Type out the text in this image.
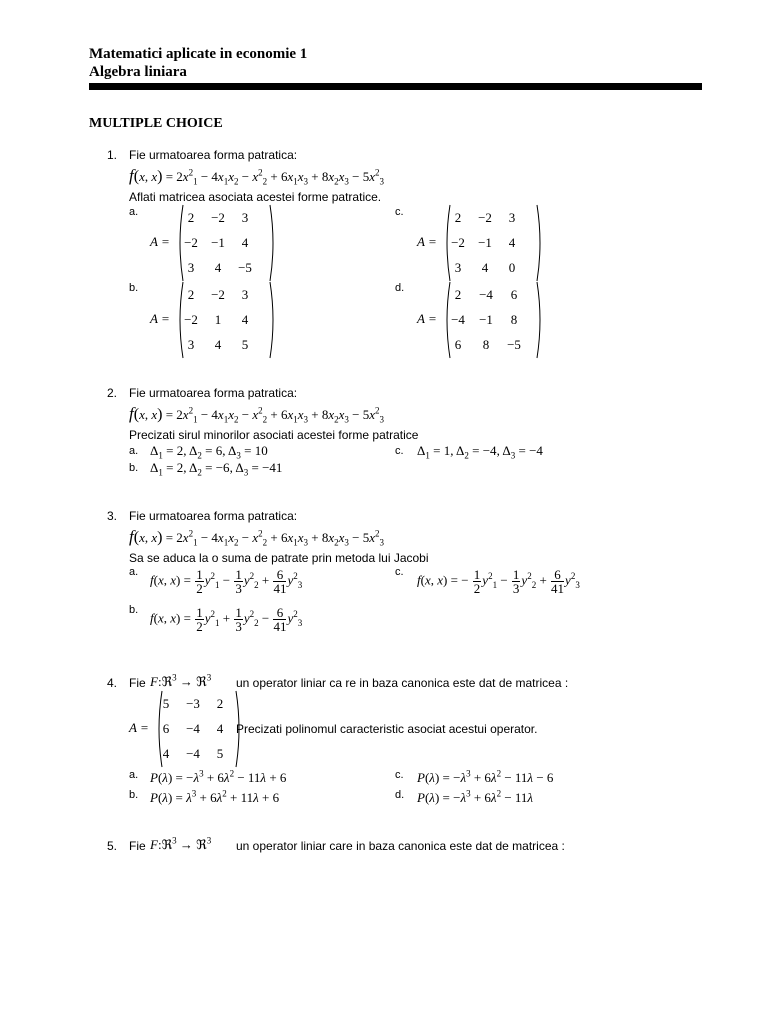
Matematici aplicate in economie 1
Algebra liniara
MULTIPLE CHOICE
1. Fie urmatoarea forma patratica:
f(x, $x) = 2x^2_1 - 4x_1x_2 - x^2_2 + 6x_1x_3 + 8x_2x_3 - 5x^2_3$
Aflati matricea asociata acestei forme patratice.
a.
A =
2	−2	3
−2	−1	4
3	4	−5
c.
A =
2	−2	3
−2	−1	4
3	4	0
b.
A =
2	−2	3
−2	1	4
3	4	5
d.
A =
2	−4	6
−4	−1	8
6	8	−5
2. Fie urmatoarea forma patratica:
f(x, $x) = 2x^2_1 - 4x_1x_2 - x^2_2 + 6x_1x_3 + 8x_2x_3 - 5x^2_3$
Precizati sirul minorilor asociati acestei forme patratice
a. $\Delta_1 = 2$, $\Delta_2 = 6$, $\Delta_3 = 10$	c. $\Delta_1 = 1$, $\Delta_2 = -4$, $\Delta_3 = -4$
b. $\Delta_1 = 2$, $\Delta_2 = -6$, $\Delta_3 = -41$
3. Fie urmatoarea forma patratica:
f(x, $x) = 2x^2_1 - 4x_1x_2 - x^2_2 + 6x_1x_3 + 8x_2x_3 - 5x^2_3$
Sa se aduca la o suma de patrate prin metoda lui Jacobi
a.
f(x, $x) = \frac{1}{2} y^2_1 - \frac{1}{3} y^2_2 + \frac{6}{41} y^2_3$
c.
f(x, x) = − $\frac{1}{2} y^2_1 - \frac{1}{3} y^2_2 + \frac{6}{41} y^2_3$
b.
f(x, $x) = \frac{1}{2} y^2_1 + \frac{1}{3} y^2_2 - \frac{6}{41} y^2_3$
4. Fie F:ℜ$^3$ → ℜ$^3$ un operator liniar ca re in baza canonica este dat de matricea :
A =
5	−3	2
6	−4	4
4	−4	5
Precizati polinomul caracteristic asociat acestui operator.
a. $P(\lambda) = -\lambda^3 + 6\lambda^2 - 11\lambda + 6$	c. $P(\lambda) = -\lambda^3 + 6\lambda^2 - 11\lambda - 6$
b. $P(\lambda) = \lambda^3 + 6\lambda^2 + 11\lambda + 6$	d. $P(\lambda) = -\lambda^3 + 6\lambda^2 - 11\lambda$
5. Fie F:ℜ$^3$ → ℜ$^3$ un operator liniar care in baza canonica este dat de matricea :
